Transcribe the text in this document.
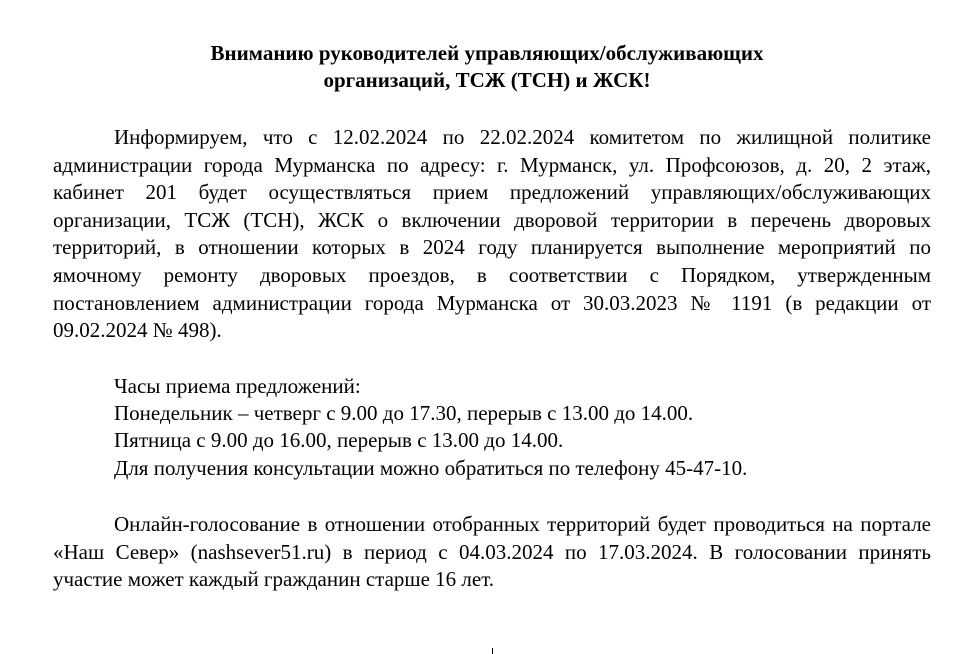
Вниманию руководителей управляющих/обслуживающих
организаций, ТСЖ (ТСН) и ЖСК!
Информируем, что с 12.02.2024 по 22.02.2024 комитетом по жилищной политике администрации города Мурманска по адресу: г. Мурманск, ул. Профсоюзов, д. 20, 2 этаж, кабинет 201 будет осуществляться прием предложений управляющих/обслуживающих организации, ТСЖ (ТСН), ЖСК о включении дворовой территории в перечень дворовых территорий, в отношении которых в 2024 году планируется выполнение мероприятий по ямочному ремонту дворовых проездов, в соответствии с Порядком, утвержденным постановлением администрации города Мурманска от 30.03.2023 № 1191 (в редакции от 09.02.2024 № 498).
Часы приема предложений:
Понедельник – четверг с 9.00 до 17.30, перерыв с 13.00 до 14.00.
Пятница с 9.00 до 16.00, перерыв с 13.00 до 14.00.
Для получения консультации можно обратиться по телефону 45-47-10.
Онлайн-голосование в отношении отобранных территорий будет проводиться на портале «Наш Север» (nashsever51.ru) в период с 04.03.2024 по 17.03.2024. В голосовании принять участие может каждый гражданин старше 16 лет.
